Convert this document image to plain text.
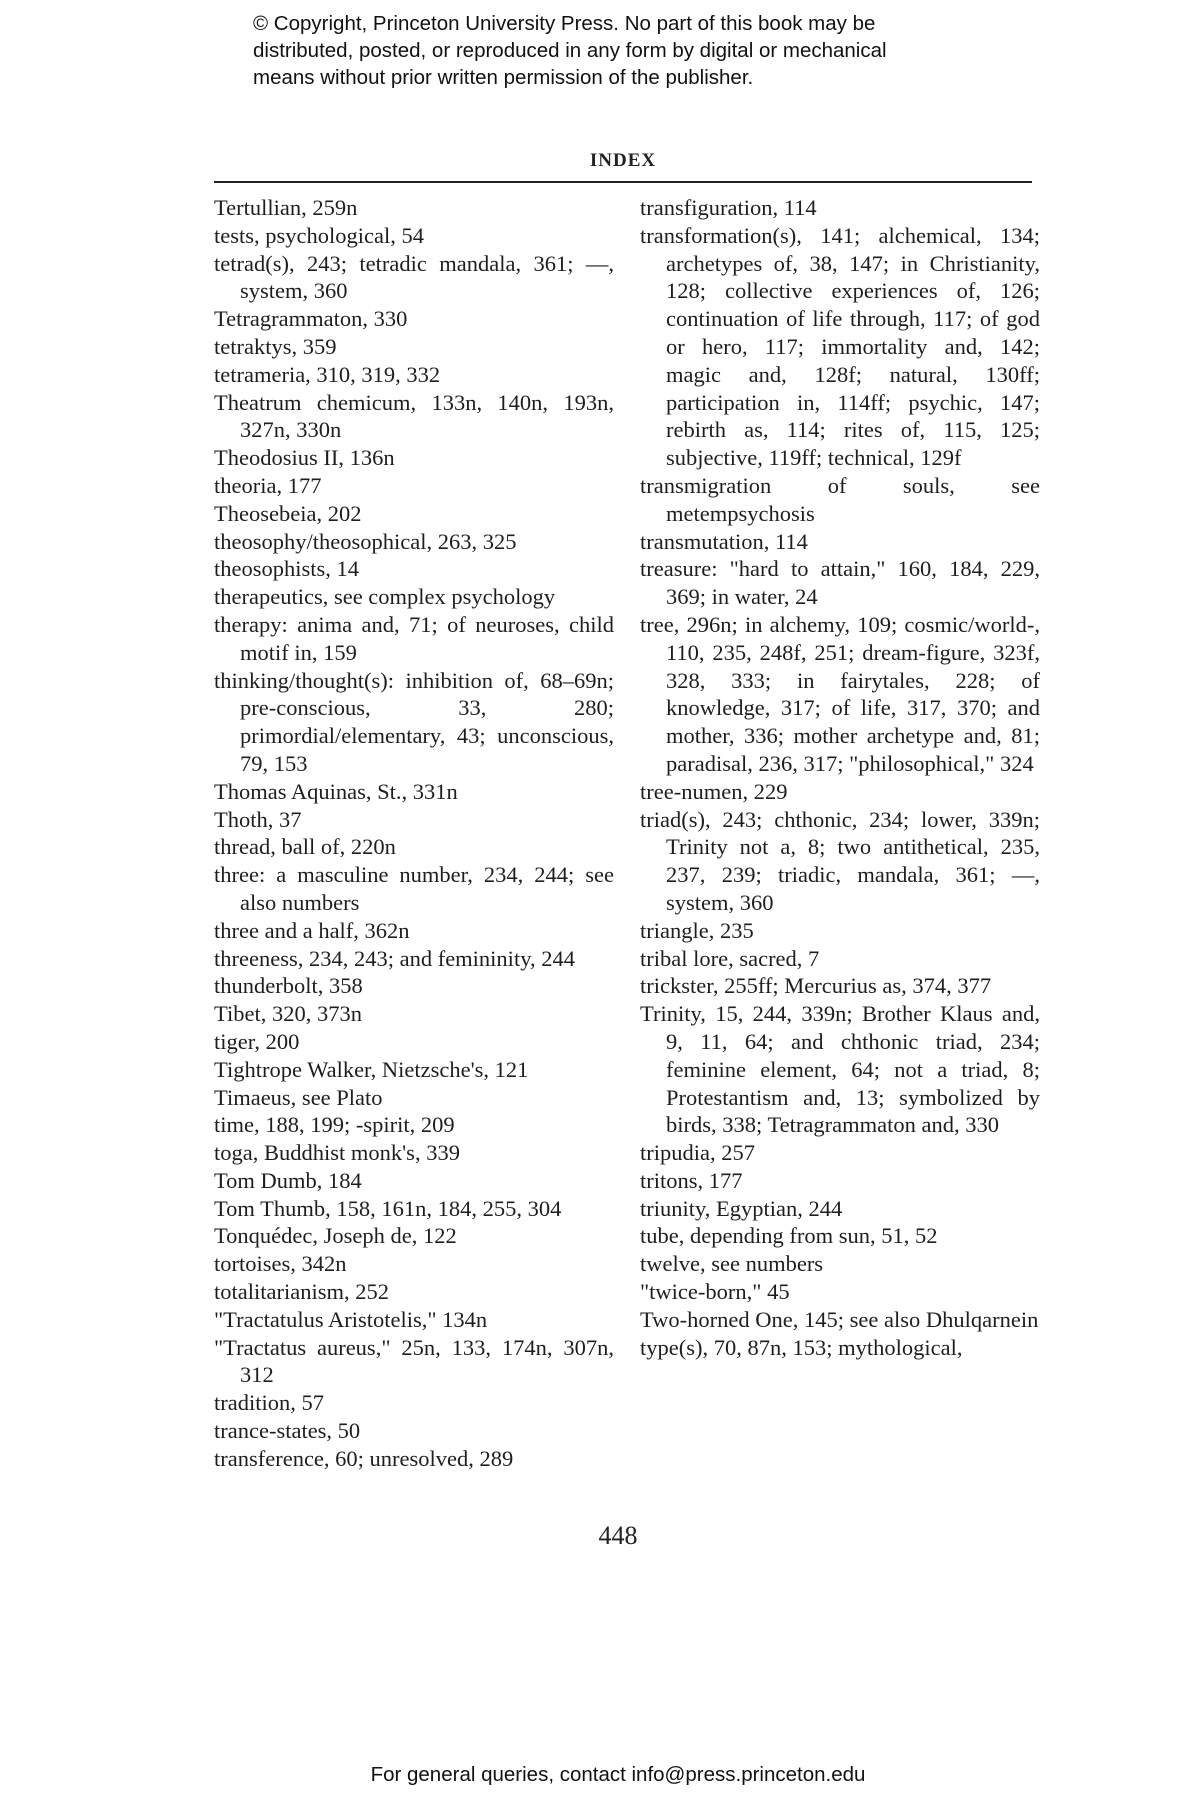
© Copyright, Princeton University Press. No part of this book may be
distributed, posted, or reproduced in any form by digital or mechanical
means without prior written permission of the publisher.
INDEX
Tertullian, 259n
tests, psychological, 54
tetrad(s), 243; tetradic mandala, 361; —, system, 360
Tetragrammaton, 330
tetraktys, 359
tetrameria, 310, 319, 332
Theatrum chemicum, 133n, 140n, 193n, 327n, 330n
Theodosius II, 136n
theoria, 177
Theosebeia, 202
theosophy/theosophical, 263, 325
theosophists, 14
therapeutics, see complex psychology
therapy: anima and, 71; of neuroses, child motif in, 159
thinking/thought(s): inhibition of, 68–69n; pre-conscious, 33, 280; primordial/elementary, 43; unconscious, 79, 153
Thomas Aquinas, St., 331n
Thoth, 37
thread, ball of, 220n
three: a masculine number, 234, 244; see also numbers
three and a half, 362n
threeness, 234, 243; and femininity, 244
thunderbolt, 358
Tibet, 320, 373n
tiger, 200
Tightrope Walker, Nietzsche's, 121
Timaeus, see Plato
time, 188, 199; -spirit, 209
toga, Buddhist monk's, 339
Tom Dumb, 184
Tom Thumb, 158, 161n, 184, 255, 304
Tonquédec, Joseph de, 122
tortoises, 342n
totalitarianism, 252
"Tractatulus Aristotelis," 134n
"Tractatus aureus," 25n, 133, 174n, 307n, 312
tradition, 57
trance-states, 50
transference, 60; unresolved, 289
transfiguration, 114
transformation(s), 141; alchemical, 134; archetypes of, 38, 147; in Christianity, 128; collective experiences of, 126; continuation of life through, 117; of god or hero, 117; immortality and, 142; magic and, 128f; natural, 130ff; participation in, 114ff; psychic, 147; rebirth as, 114; rites of, 115, 125; subjective, 119ff; technical, 129f
transmigration of souls, see metempsychosis
transmutation, 114
treasure: "hard to attain," 160, 184, 229, 369; in water, 24
tree, 296n; in alchemy, 109; cosmic/world-, 110, 235, 248f, 251; dream-figure, 323f, 328, 333; in fairytales, 228; of knowledge, 317; of life, 317, 370; and mother, 336; mother archetype and, 81; paradisal, 236, 317; "philosophical," 324
tree-numen, 229
triad(s), 243; chthonic, 234; lower, 339n; Trinity not a, 8; two antithetical, 235, 237, 239; triadic, mandala, 361; —, system, 360
triangle, 235
tribal lore, sacred, 7
trickster, 255ff; Mercurius as, 374, 377
Trinity, 15, 244, 339n; Brother Klaus and, 9, 11, 64; and chthonic triad, 234; feminine element, 64; not a triad, 8; Protestantism and, 13; symbolized by birds, 338; Tetragrammaton and, 330
tripudia, 257
tritons, 177
triunity, Egyptian, 244
tube, depending from sun, 51, 52
twelve, see numbers
"twice-born," 45
Two-horned One, 145; see also Dhulqarnein
type(s), 70, 87n, 153; mythological,
448
For general queries, contact info@press.princeton.edu
